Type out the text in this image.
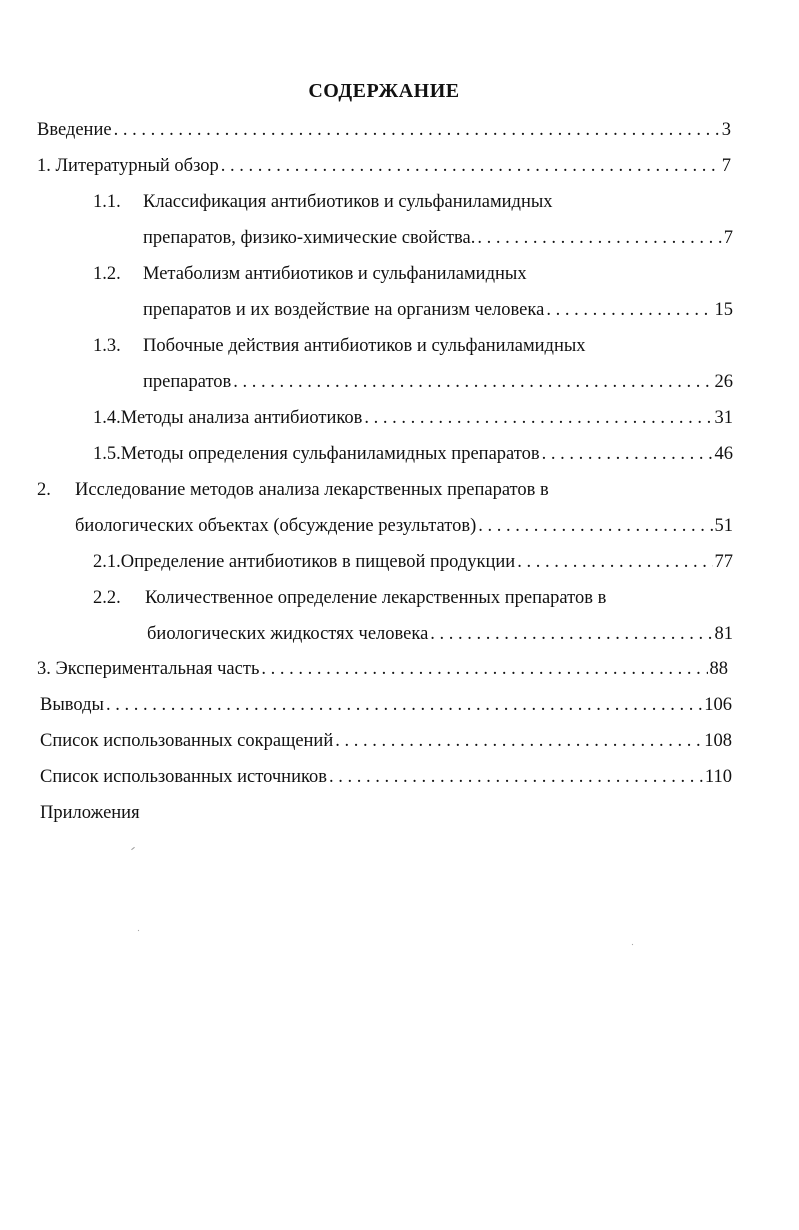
СОДЕРЖАНИЕ
Введение . . .	3
1. Литературный обзор . . .	7
1.1.	Классификация антибиотиков и сульфаниламидных
препаратов, физико-химические свойства. . . .	7
1.2.	Метаболизм антибиотиков и сульфаниламидных
препаратов и их воздействие на организм человека . . .	15
1.3.	Побочные действия антибиотиков и сульфаниламидных
препаратов . . .	26
1.4. Методы анализа антибиотиков . . .	31
1.5. Методы определения сульфаниламидных препаратов . . .	46
2.	Исследование методов анализа лекарственных препаратов в
биологических объектах (обсуждение результатов) . . .	51
2.1. Определение антибиотиков в пищевой продукции . . .	77
2.2.	Количественное определение лекарственных препаратов в
биологических жидкостях человека . . .	81
3. Экспериментальная часть . . .	88
Выводы . . .	106
Список использованных сокращений . . .	108
Список использованных источников . . .	110
Приложения
